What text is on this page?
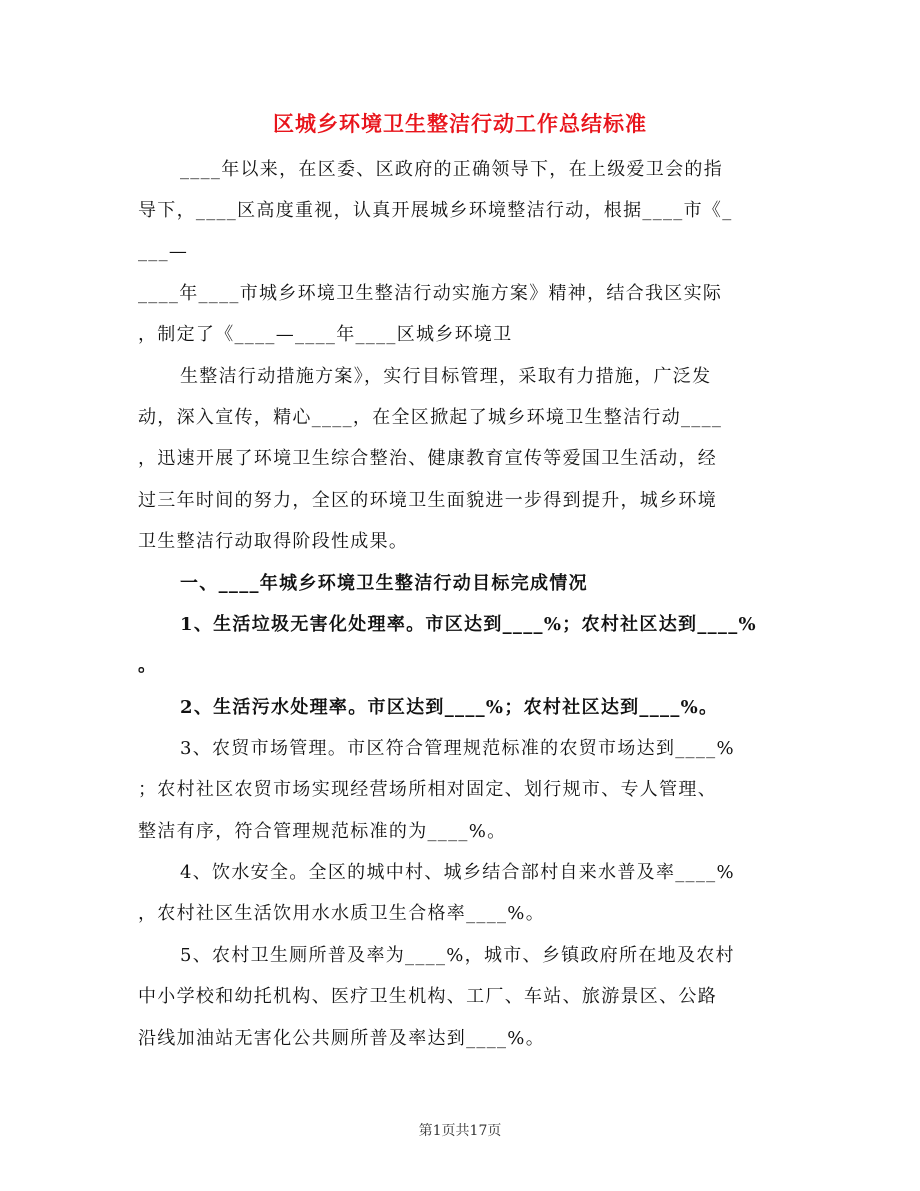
区城乡环境卫生整洁行动工作总结标准
____年以来，在区委、区政府的正确领导下，在上级爱卫会的指
导下，____区高度重视，认真开展城乡环境整洁行动，根据____市《_
___—
____年____市城乡环境卫生整洁行动实施方案》精神，结合我区实际
，制定了《____—____年____区城乡环境卫
生整洁行动措施方案》，实行目标管理，采取有力措施，广泛发
动，深入宣传，精心____，在全区掀起了城乡环境卫生整洁行动____
，迅速开展了环境卫生综合整治、健康教育宣传等爱国卫生活动，经
过三年时间的努力，全区的环境卫生面貌进一步得到提升，城乡环境
卫生整洁行动取得阶段性成果。
一、____年城乡环境卫生整洁行动目标完成情况
1、生活垃圾无害化处理率。市区达到____%；农村社区达到____%
。
2、生活污水处理率。市区达到____%；农村社区达到____%。
3、农贸市场管理。市区符合管理规范标准的农贸市场达到____%
；农村社区农贸市场实现经营场所相对固定、划行规市、专人管理、
整洁有序，符合管理规范标准的为____%。
4、饮水安全。全区的城中村、城乡结合部村自来水普及率____%
，农村社区生活饮用水水质卫生合格率____%。
5、农村卫生厕所普及率为____%，城市、乡镇政府所在地及农村
中小学校和幼托机构、医疗卫生机构、工厂、车站、旅游景区、公路
沿线加油站无害化公共厕所普及率达到____%。
第1页共17页
